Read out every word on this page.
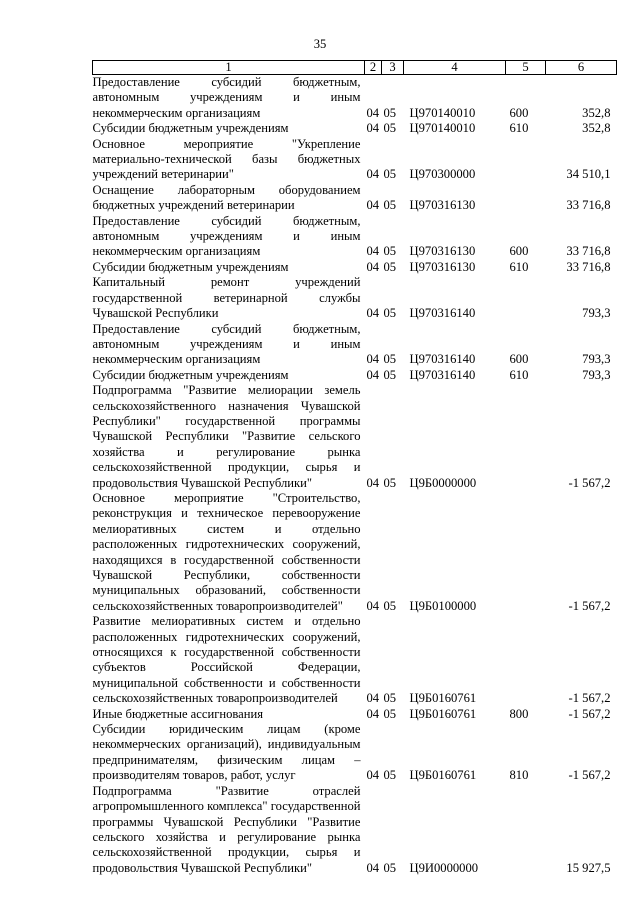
35
1	2	3	4	5	6
Предоставление субсидий бюджетным, автономным учреждениям и иным некоммерческим организациям	04	05	Ц970140010	600	352,8
Субсидии бюджетным учреждениям	04	05	Ц970140010	610	352,8
Основное мероприятие "Укрепление материально-технической базы бюджетных учреждений ветеринарии"	04	05	Ц970300000		34 510,1
Оснащение лабораторным оборудованием бюджетных учреждений ветеринарии	04	05	Ц970316130		33 716,8
Предоставление субсидий бюджетным, автономным учреждениям и иным некоммерческим организациям	04	05	Ц970316130	600	33 716,8
Субсидии бюджетным учреждениям	04	05	Ц970316130	610	33 716,8
Капитальный ремонт учреждений государственной ветеринарной службы Чувашской Республики	04	05	Ц970316140		793,3
Предоставление субсидий бюджетным, автономным учреждениям и иным некоммерческим организациям	04	05	Ц970316140	600	793,3
Субсидии бюджетным учреждениям	04	05	Ц970316140	610	793,3
Подпрограмма "Развитие мелиорации земель сельскохозяйственного назначения Чувашской Республики" государственной программы Чувашской Республики "Развитие сельского хозяйства и регулирование рынка сельскохозяйственной продукции, сырья и продовольствия Чувашской Республики"	04	05	Ц9Б0000000		-1 567,2
Основное мероприятие "Строительство, реконструкция и техническое перевооружение мелиоративных систем и отдельно расположенных гидротехнических сооружений, находящихся в государственной собственности Чувашской Республики, собственности муниципальных образований, собственности сельскохозяйственных товаропроизводителей"	04	05	Ц9Б0100000		-1 567,2
Развитие мелиоративных систем и отдельно расположенных гидротехнических сооружений, относящихся к государственной собственности субъектов Российской Федерации, муниципальной собственности и собственности сельскохозяйственных товаропроизводителей	04	05	Ц9Б0160761		-1 567,2
Иные бюджетные ассигнования	04	05	Ц9Б0160761	800	-1 567,2
Субсидии юридическим лицам (кроме некоммерческих организаций), индивидуальным предпринимателям, физическим лицам – производителям товаров, работ, услуг	04	05	Ц9Б0160761	810	-1 567,2
Подпрограмма "Развитие отраслей агропромышленного комплекса" государственной программы Чувашской Республики "Развитие сельского хозяйства и регулирование рынка сельскохозяйственной продукции, сырья и продовольствия Чувашской Республики"	04	05	Ц9И0000000		15 927,5
